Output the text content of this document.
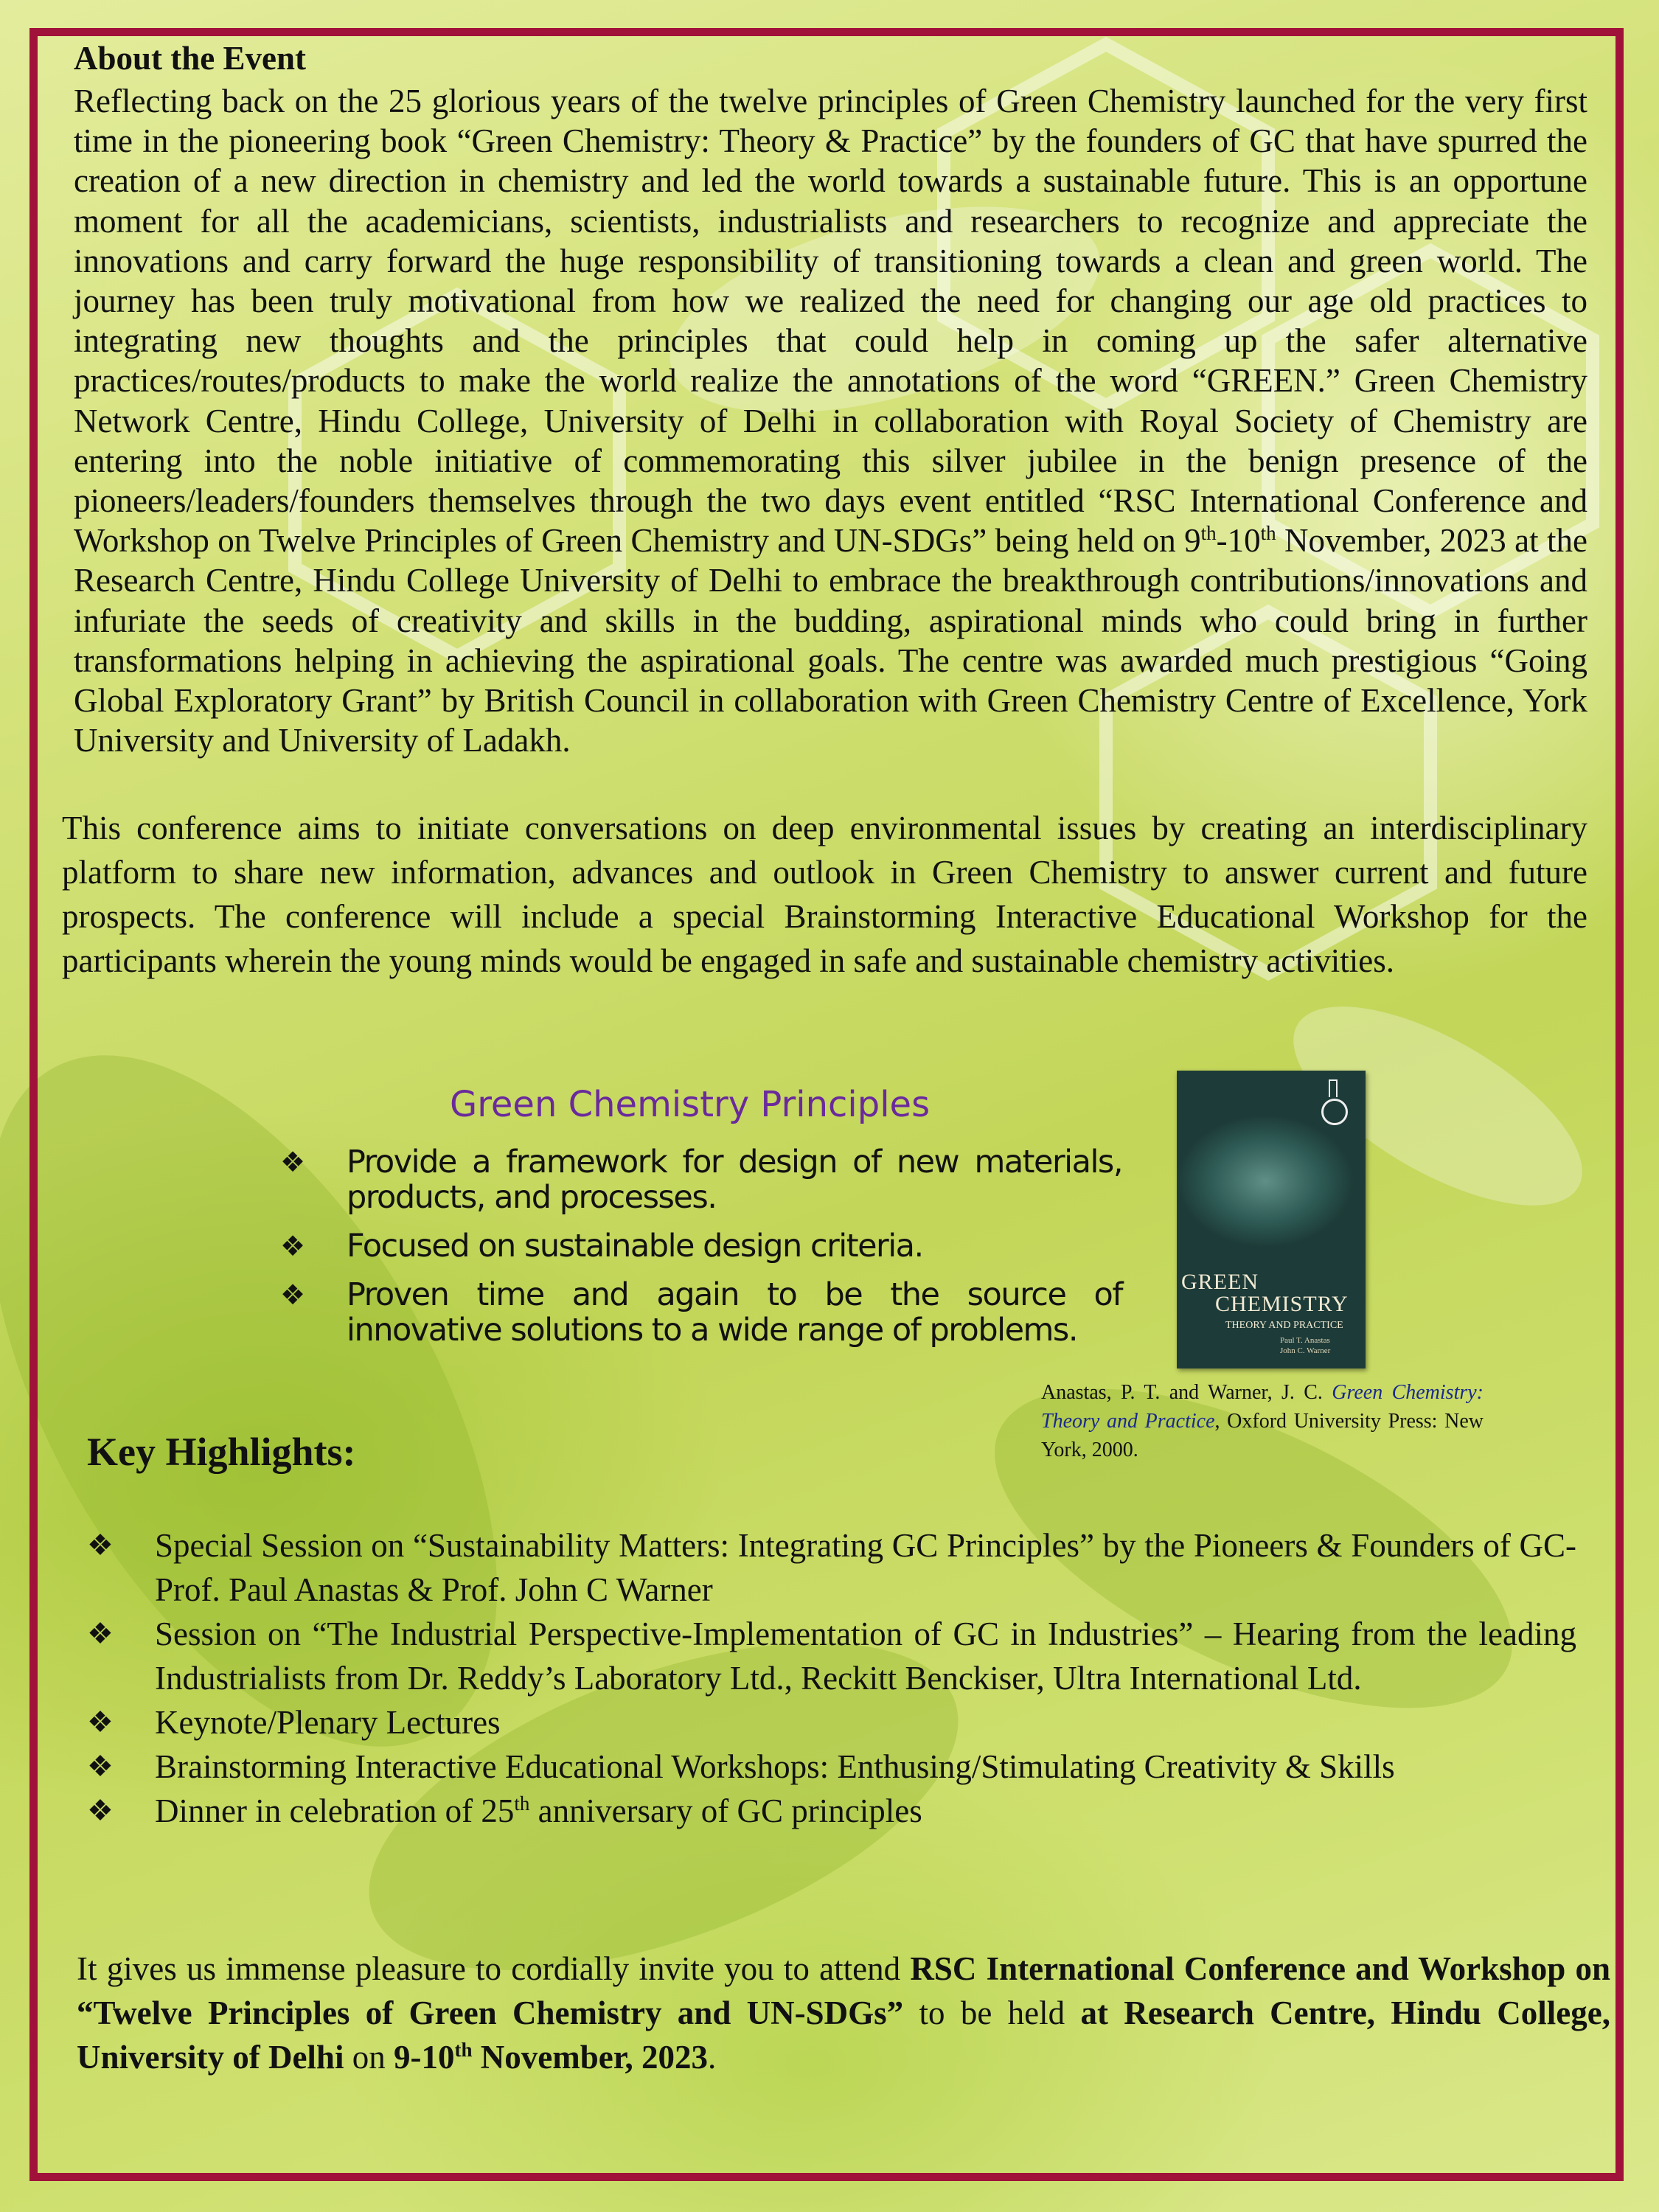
About the Event
Reflecting back on the 25 glorious years of the twelve principles of Green Chemistry launched for the very first time in the pioneering book “Green Chemistry: Theory & Practice” by the founders of GC that have spurred the creation of a new direction in chemistry and led the world towards a sustainable future. This is an opportune moment for all the academicians, scientists, industrialists and researchers to recognize and appreciate the innovations and carry forward the huge responsibility of transitioning towards a clean and green world. The journey has been truly motivational from how we realized the need for changing our age old practices to integrating new thoughts and the principles that could help in coming up the safer alternative practices/routes/products to make the world realize the annotations of the word “GREEN.” Green Chemistry Network Centre, Hindu College, University of Delhi in collaboration with Royal Society of Chemistry are entering into the noble initiative of commemorating this silver jubilee in the benign presence of the pioneers/leaders/founders themselves through the two days event entitled “RSC International Conference and Workshop on Twelve Principles of Green Chemistry and UN-SDGs” being held on 9th-10th November, 2023 at the Research Centre, Hindu College University of Delhi to embrace the breakthrough contributions/innovations and infuriate the seeds of creativity and skills in the budding, aspirational minds who could bring in further transformations helping in achieving the aspirational goals. The centre was awarded much prestigious “Going Global Exploratory Grant” by British Council in collaboration with Green Chemistry Centre of Excellence, York University and University of Ladakh.
This conference aims to initiate conversations on deep environmental issues by creating an interdisciplinary platform to share new information, advances and outlook in Green Chemistry to answer current and future prospects. The conference will include a special Brainstorming Interactive Educational Workshop for the participants wherein the young minds would be engaged in safe and sustainable chemistry activities.
Green Chemistry Principles
❖ Provide a framework for design of new materials, products, and processes.
❖ Focused on sustainable design criteria.
❖ Proven time and again to be the source of innovative solutions to a wide range of problems.
GREEN
CHEMISTRY
THEORY AND PRACTICE
Paul T. Anastas
John C. Warner
Anastas, P. T. and Warner, J. C. Green Chemistry: Theory and Practice, Oxford University Press: New York, 2000.
Key Highlights:
❖ Special Session on “Sustainability Matters: Integrating GC Principles” by the Pioneers & Founders of GC- Prof. Paul Anastas & Prof. John C Warner
❖ Session on “The Industrial Perspective-Implementation of GC in Industries” – Hearing from the leading Industrialists from Dr. Reddy’s Laboratory Ltd., Reckitt Benckiser, Ultra International Ltd.
❖ Keynote/Plenary Lectures
❖ Brainstorming Interactive Educational Workshops: Enthusing/Stimulating Creativity & Skills
❖ Dinner in celebration of 25th anniversary of GC principles
It gives us immense pleasure to cordially invite you to attend RSC International Conference and Workshop on “Twelve Principles of Green Chemistry and UN-SDGs” to be held at Research Centre, Hindu College, University of Delhi on 9-10th November, 2023.
